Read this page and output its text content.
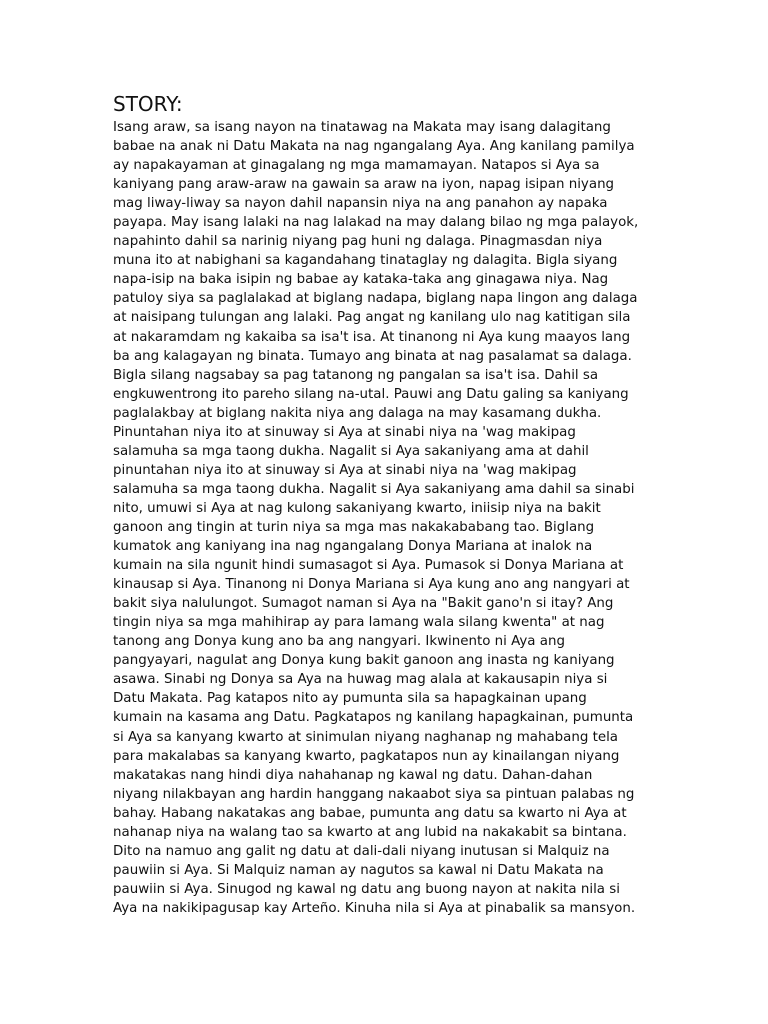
STORY:
Isang araw, sa isang nayon na tinatawag na Makata may isang dalagitang
babae na anak ni Datu Makata na nag ngangalang Aya. Ang kanilang pamilya
ay napakayaman at ginagalang ng mga mamamayan. Natapos si Aya sa
kaniyang pang araw-araw na gawain sa araw na iyon, napag isipan niyang
mag liway-liway sa nayon dahil napansin niya na ang panahon ay napaka
payapa. May isang lalaki na nag lalakad na may dalang bilao ng mga palayok,
napahinto dahil sa narinig niyang pag huni ng dalaga. Pinagmasdan niya
muna ito at nabighani sa kagandahang tinataglay ng dalagita. Bigla siyang
napa-isip na baka isipin ng babae ay kataka-taka ang ginagawa niya. Nag
patuloy siya sa paglalakad at biglang nadapa, biglang napa lingon ang dalaga
at naisipang tulungan ang lalaki. Pag angat ng kanilang ulo nag katitigan sila
at nakaramdam ng kakaiba sa isa't isa. At tinanong ni Aya kung maayos lang
ba ang kalagayan ng binata. Tumayo ang binata at nag pasalamat sa dalaga.
Bigla silang nagsabay sa pag tatanong ng pangalan sa isa't isa. Dahil sa
engkuwentrong ito pareho silang na-utal. Pauwi ang Datu galing sa kaniyang
paglalakbay at biglang nakita niya ang dalaga na may kasamang dukha.
Pinuntahan niya ito at sinuway si Aya at sinabi niya na 'wag makipag
salamuha sa mga taong dukha. Nagalit si Aya sakaniyang ama at dahil
pinuntahan niya ito at sinuway si Aya at sinabi niya na 'wag makipag
salamuha sa mga taong dukha. Nagalit si Aya sakaniyang ama dahil sa sinabi
nito, umuwi si Aya at nag kulong sakaniyang kwarto, iniisip niya na bakit
ganoon ang tingin at turin niya sa mga mas nakakababang tao. Biglang
kumatok ang kaniyang ina nag ngangalang Donya Mariana at inalok na
kumain na sila ngunit hindi sumasagot si Aya. Pumasok si Donya Mariana at
kinausap si Aya. Tinanong ni Donya Mariana si Aya kung ano ang nangyari at
bakit siya nalulungot. Sumagot naman si Aya na "Bakit gano'n si itay? Ang
tingin niya sa mga mahihirap ay para lamang wala silang kwenta" at nag
tanong ang Donya kung ano ba ang nangyari. Ikwinento ni Aya ang
pangyayari, nagulat ang Donya kung bakit ganoon ang inasta ng kaniyang
asawa. Sinabi ng Donya sa Aya na huwag mag alala at kakausapin niya si
Datu Makata. Pag katapos nito ay pumunta sila sa hapagkainan upang
kumain na kasama ang Datu. Pagkatapos ng kanilang hapagkainan, pumunta
si Aya sa kanyang kwarto at sinimulan niyang naghanap ng mahabang tela
para makalabas sa kanyang kwarto, pagkatapos nun ay kinailangan niyang
makatakas nang hindi diya nahahanap ng kawal ng datu. Dahan-dahan
niyang nilakbayan ang hardin hanggang nakaabot siya sa pintuan palabas ng
bahay. Habang nakatakas ang babae, pumunta ang datu sa kwarto ni Aya at
nahanap niya na walang tao sa kwarto at ang lubid na nakakabit sa bintana.
Dito na namuo ang galit ng datu at dali-dali niyang inutusan si Malquiz na
pauwiin si Aya. Si Malquiz naman ay nagutos sa kawal ni Datu Makata na
pauwiin si Aya. Sinugod ng kawal ng datu ang buong nayon at nakita nila si
Aya na nakikipagusap kay Arteño. Kinuha nila si Aya at pinabalik sa mansyon.
